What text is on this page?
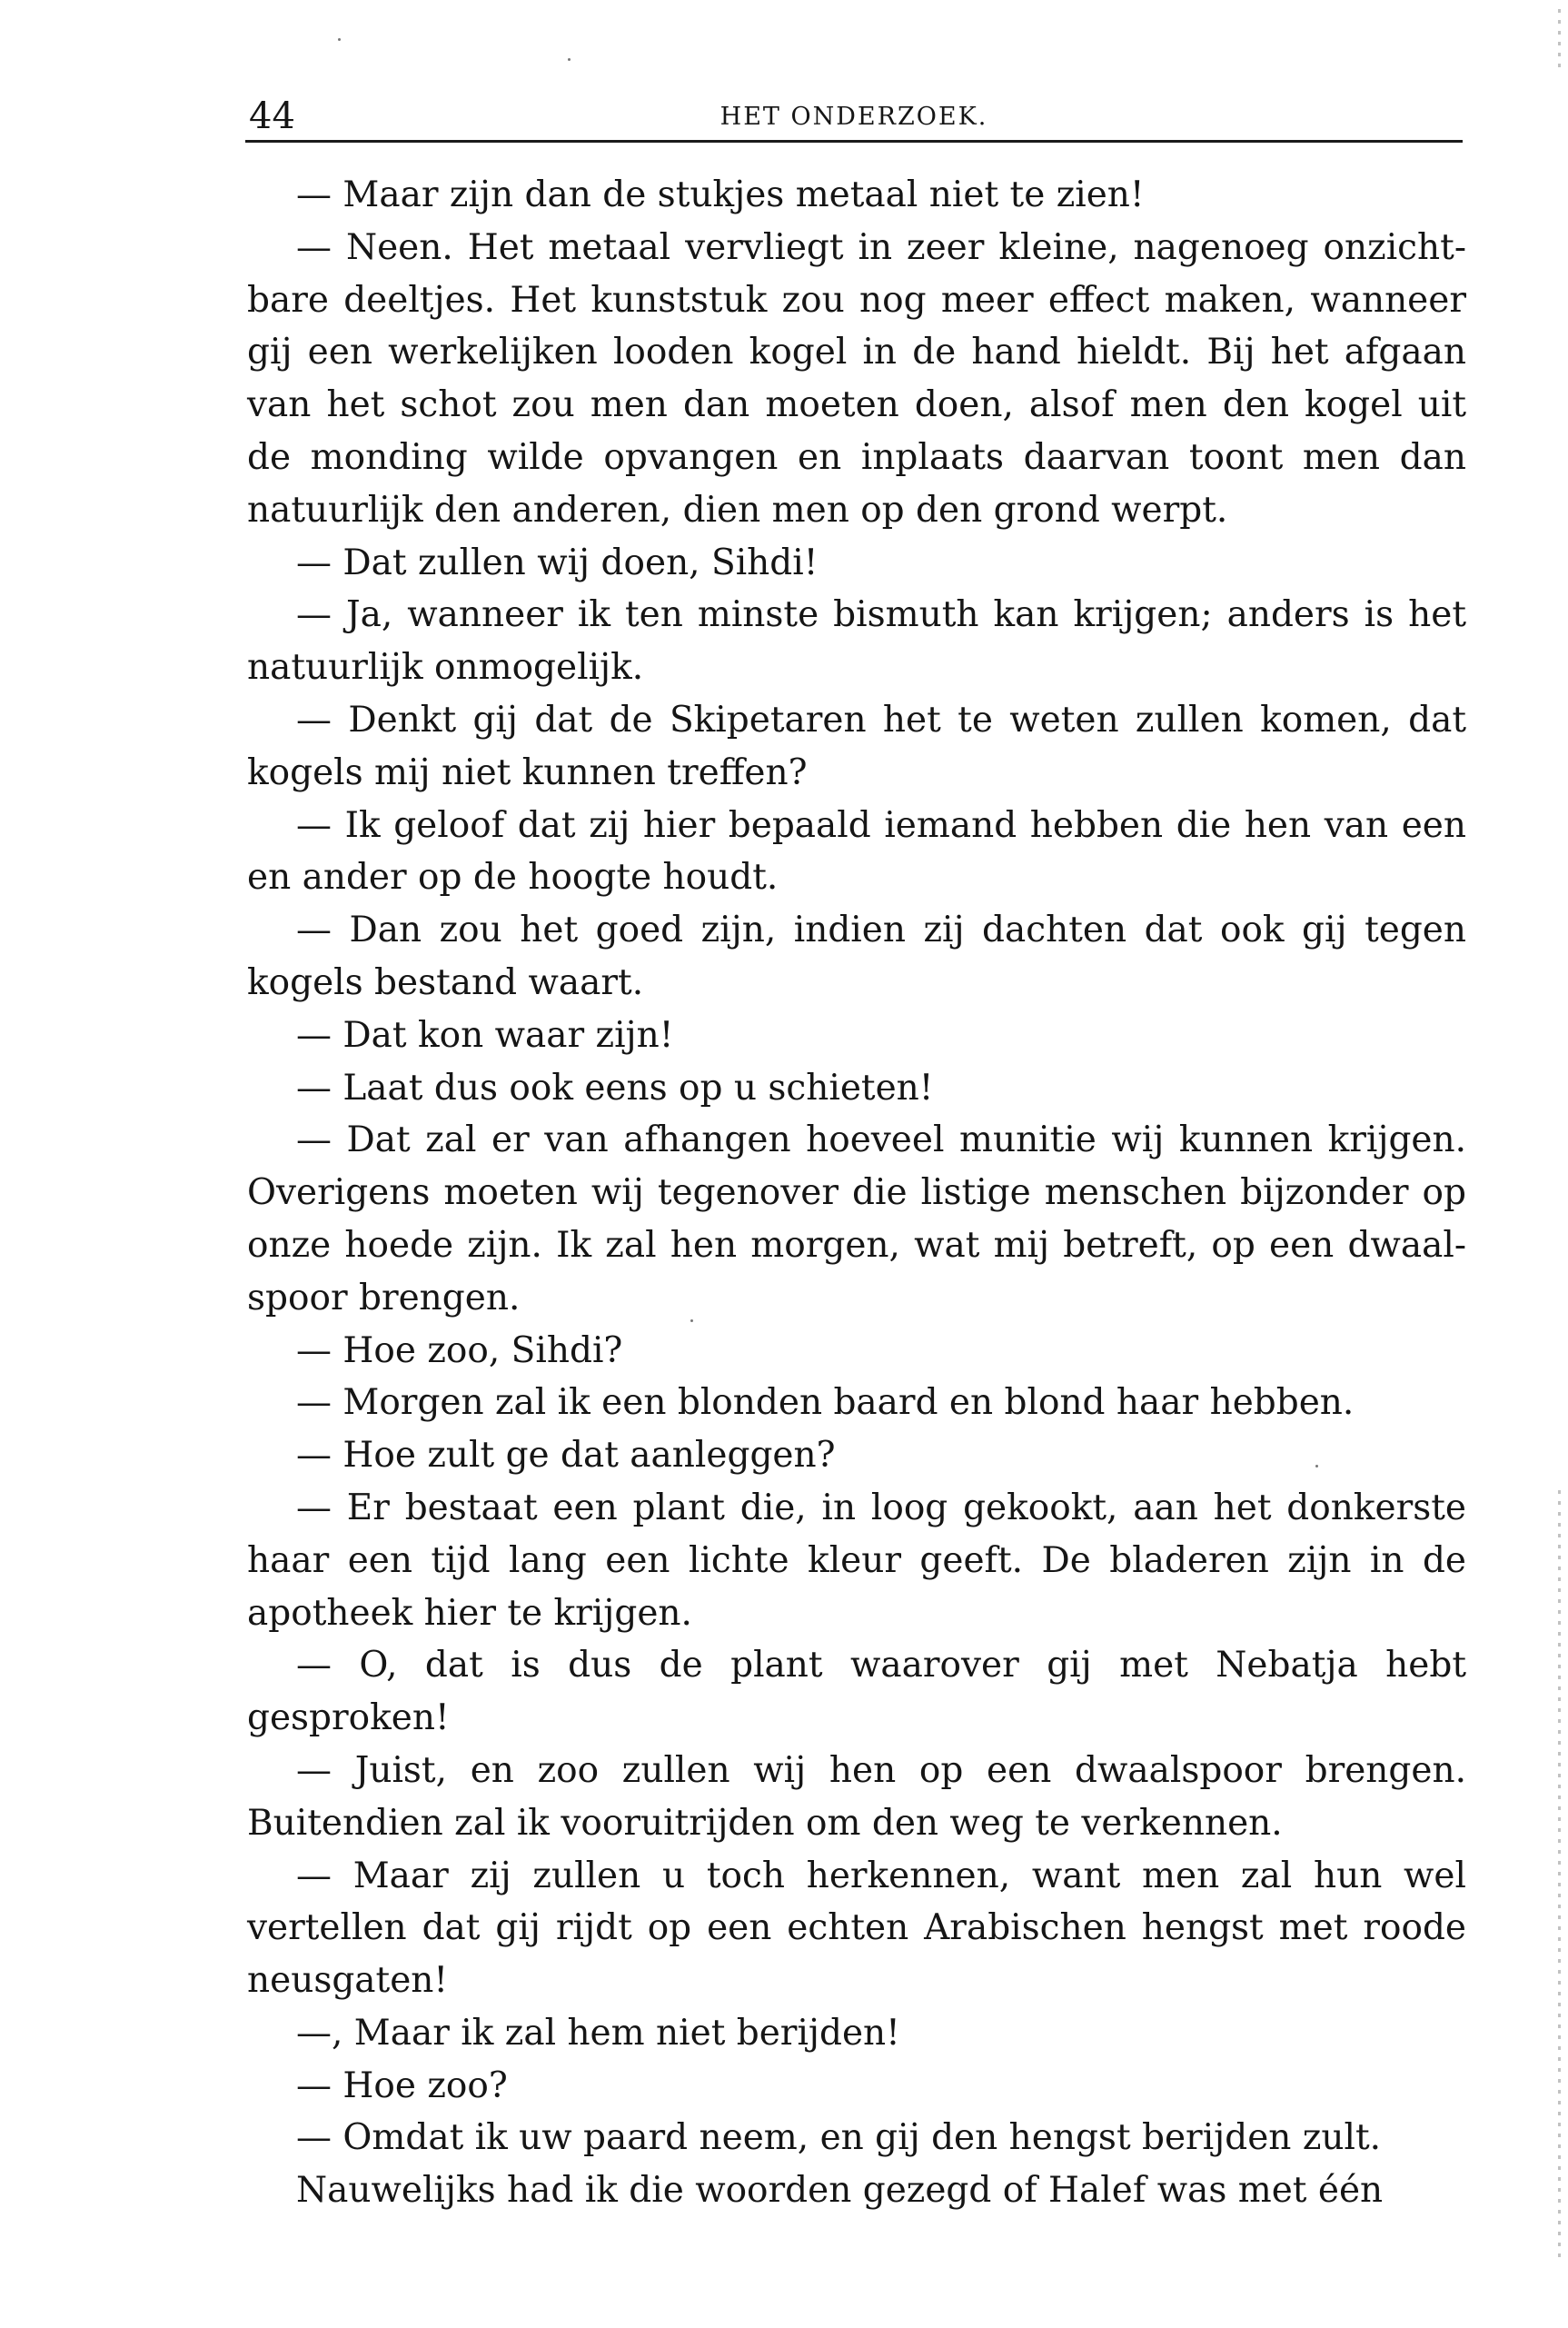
44	HET ONDERZOEK.

— Maar zijn dan de stukjes metaal niet te zien!

— Neen. Het metaal vervliegt in zeer kleine, nagenoeg onzichtbare deeltjes. Het kunststuk zou nog meer effect maken, wanneer gij een werkelijken looden kogel in de hand hieldt. Bij het afgaan van het schot zou men dan moeten doen, alsof men den kogel uit de monding wilde opvangen en inplaats daarvan toont men dan natuurlijk den anderen, dien men op den grond werpt.

— Dat zullen wij doen, Sihdi!

— Ja, wanneer ik ten minste bismuth kan krijgen; anders is het natuurlijk onmogelijk.

— Denkt gij dat de Skipetaren het te weten zullen komen, dat kogels mij niet kunnen treffen?

— Ik geloof dat zij hier bepaald iemand hebben die hen van een en ander op de hoogte houdt.

— Dan zou het goed zijn, indien zij dachten dat ook gij tegen kogels bestand waart.

— Dat kon waar zijn!

— Laat dus ook eens op u schieten!

— Dat zal er van afhangen hoeveel munitie wij kunnen krijgen. Overigens moeten wij tegenover die listige menschen bijzonder op onze hoede zijn. Ik zal hen morgen, wat mij betreft, op een dwaalspoor brengen.

— Hoe zoo, Sihdi?

— Morgen zal ik een blonden baard en blond haar hebben.

— Hoe zult ge dat aanleggen?

— Er bestaat een plant die, in loog gekookt, aan het donkerste haar een tijd lang een lichte kleur geeft. De bladeren zijn in de apotheek hier te krijgen.

— O, dat is dus de plant waarover gij met Nebatja hebt gesproken!

— Juist, en zoo zullen wij hen op een dwaalspoor brengen. Buitendien zal ik vooruitrijden om den weg te verkennen.

— Maar zij zullen u toch herkennen, want men zal hun wel vertellen dat gij rijdt op een echten Arabischen hengst met roode neusgaten!

—, Maar ik zal hem niet berijden!

— Hoe zoo?

— Omdat ik uw paard neem, en gij den hengst berijden zult.

Nauwelijks had ik die woorden gezegd of Halef was met één
